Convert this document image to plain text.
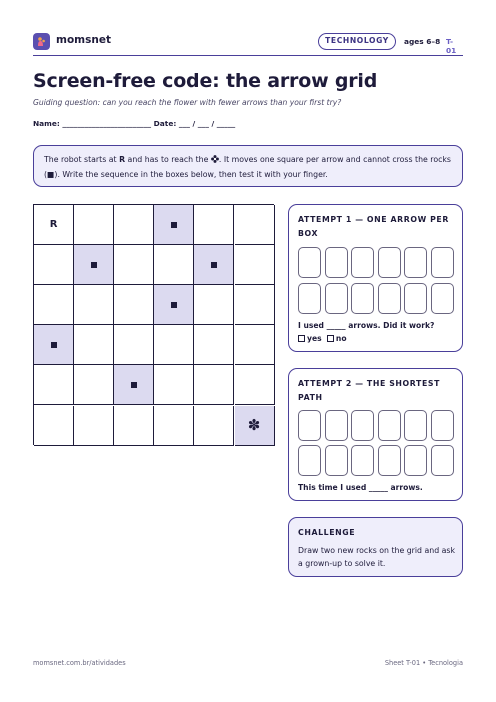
momsnet	TECHNOLOGY	ages 6–8 T-01
Screen-free code: the arrow grid
Guiding question: can you reach the flower with fewer arrows than your first try?
Name: ________________________ Date: ___ / ___ / _____
The robot starts at R and has to reach the . It moves one square per arrow and cannot cross the rocks (■). Write the sequence in the boxes below, then test it with your finger.
R
✽
ATTEMPT 1 — ONE ARROW PER BOX
I used _____ arrows. Did it work?
yes no
ATTEMPT 2 — THE SHORTEST PATH
This time I used _____ arrows.
CHALLENGE
Draw two new rocks on the grid and ask a grown-up to solve it.
momsnet.com.br/atividades	Sheet T-01 • Tecnologia
